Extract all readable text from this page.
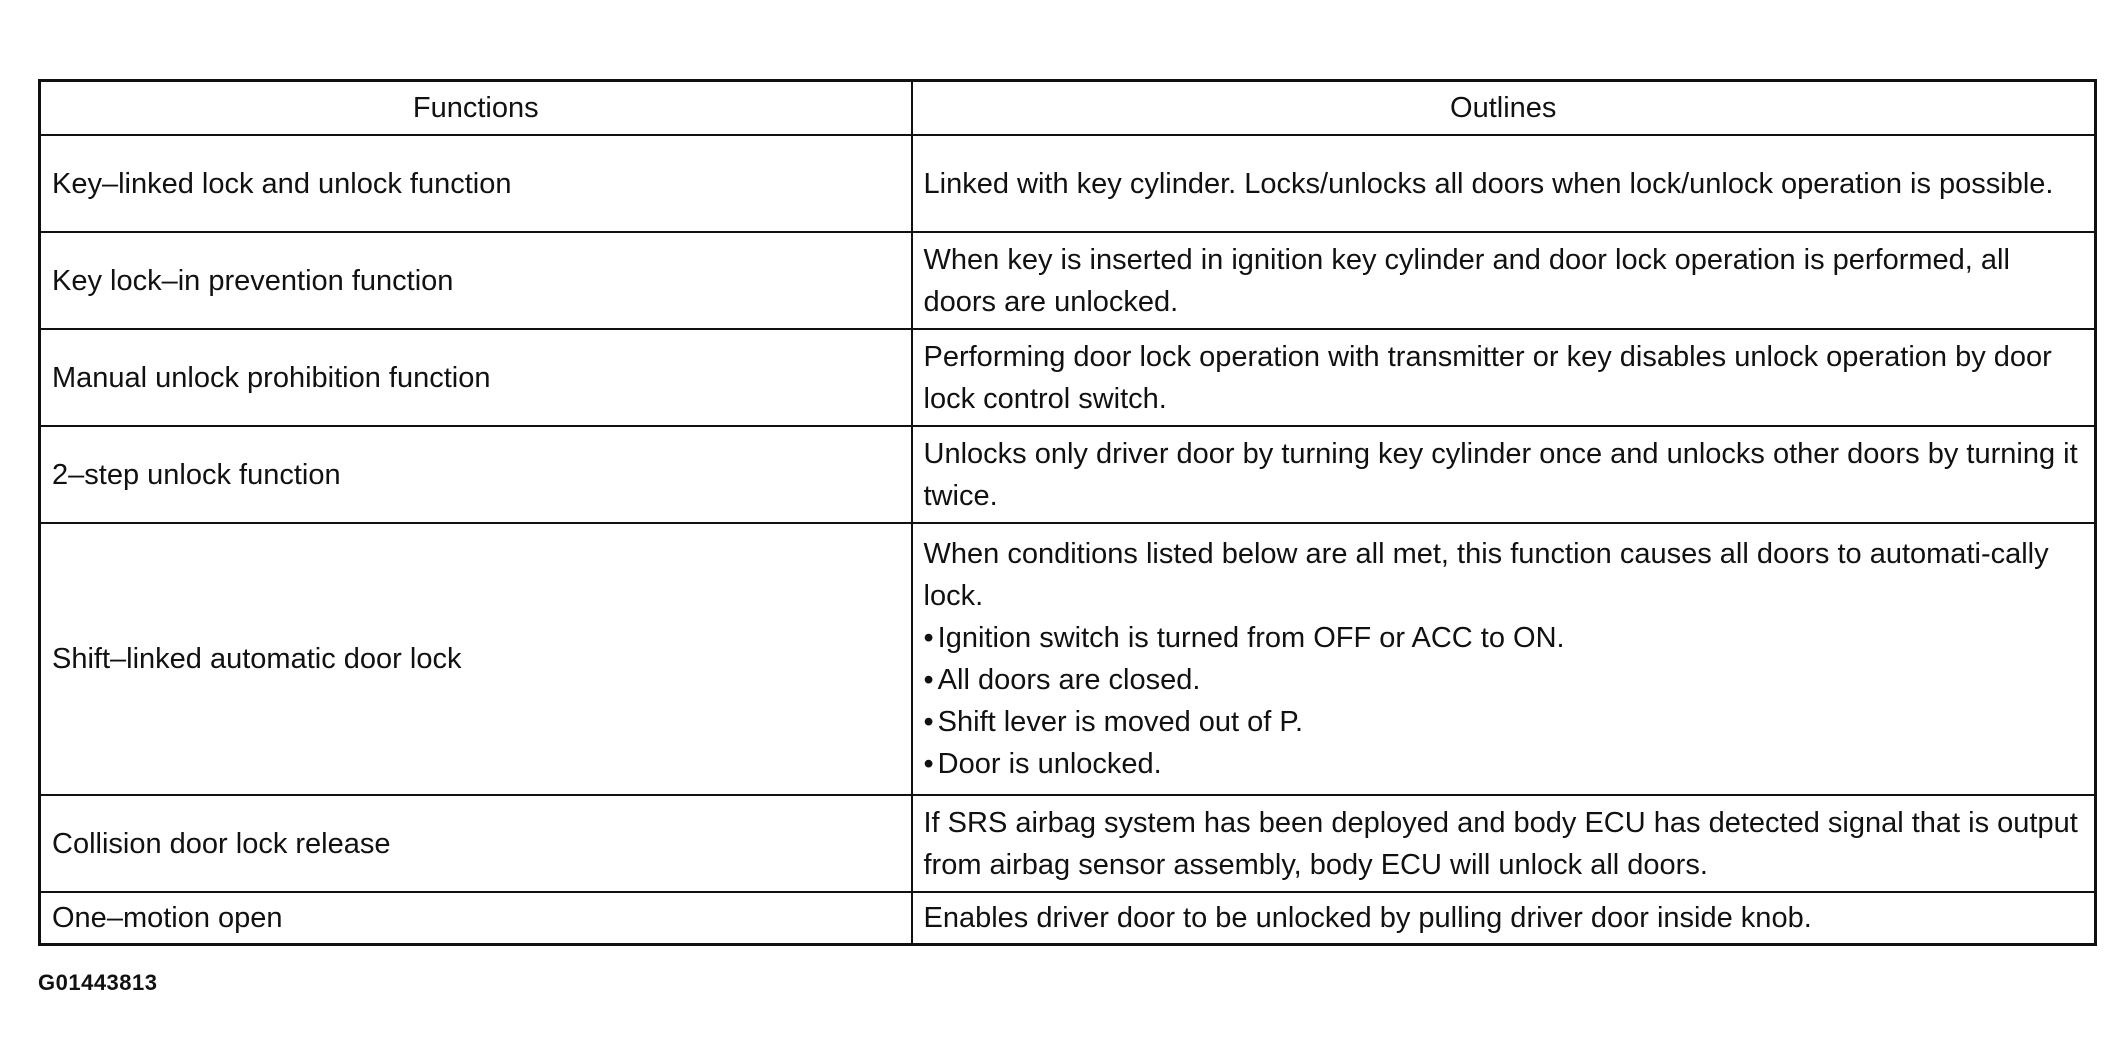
Functions	Outlines
Key–linked lock and unlock function	Linked with key cylinder. Locks/unlocks all doors when lock/unlock operation is possible.
Key lock–in prevention function	When key is inserted in ignition key cylinder and door lock operation is performed, all doors are unlocked.
Manual unlock prohibition function	Performing door lock operation with transmitter or key disables unlock operation by door lock control switch.
2–step unlock function	Unlocks only driver door by turning key cylinder once and unlocks other doors by turning it twice.
Shift–linked automatic door lock	When conditions listed below are all met, this function causes all doors to automati-cally lock.
• Ignition switch is turned from OFF or ACC to ON.
• All doors are closed.
• Shift lever is moved out of P.
• Door is unlocked.

Collision door lock release	If SRS airbag system has been deployed and body ECU has detected signal that is output from airbag sensor assembly, body ECU will unlock all doors.
One–motion open	Enables driver door to be unlocked by pulling driver door inside knob.
G01443813
